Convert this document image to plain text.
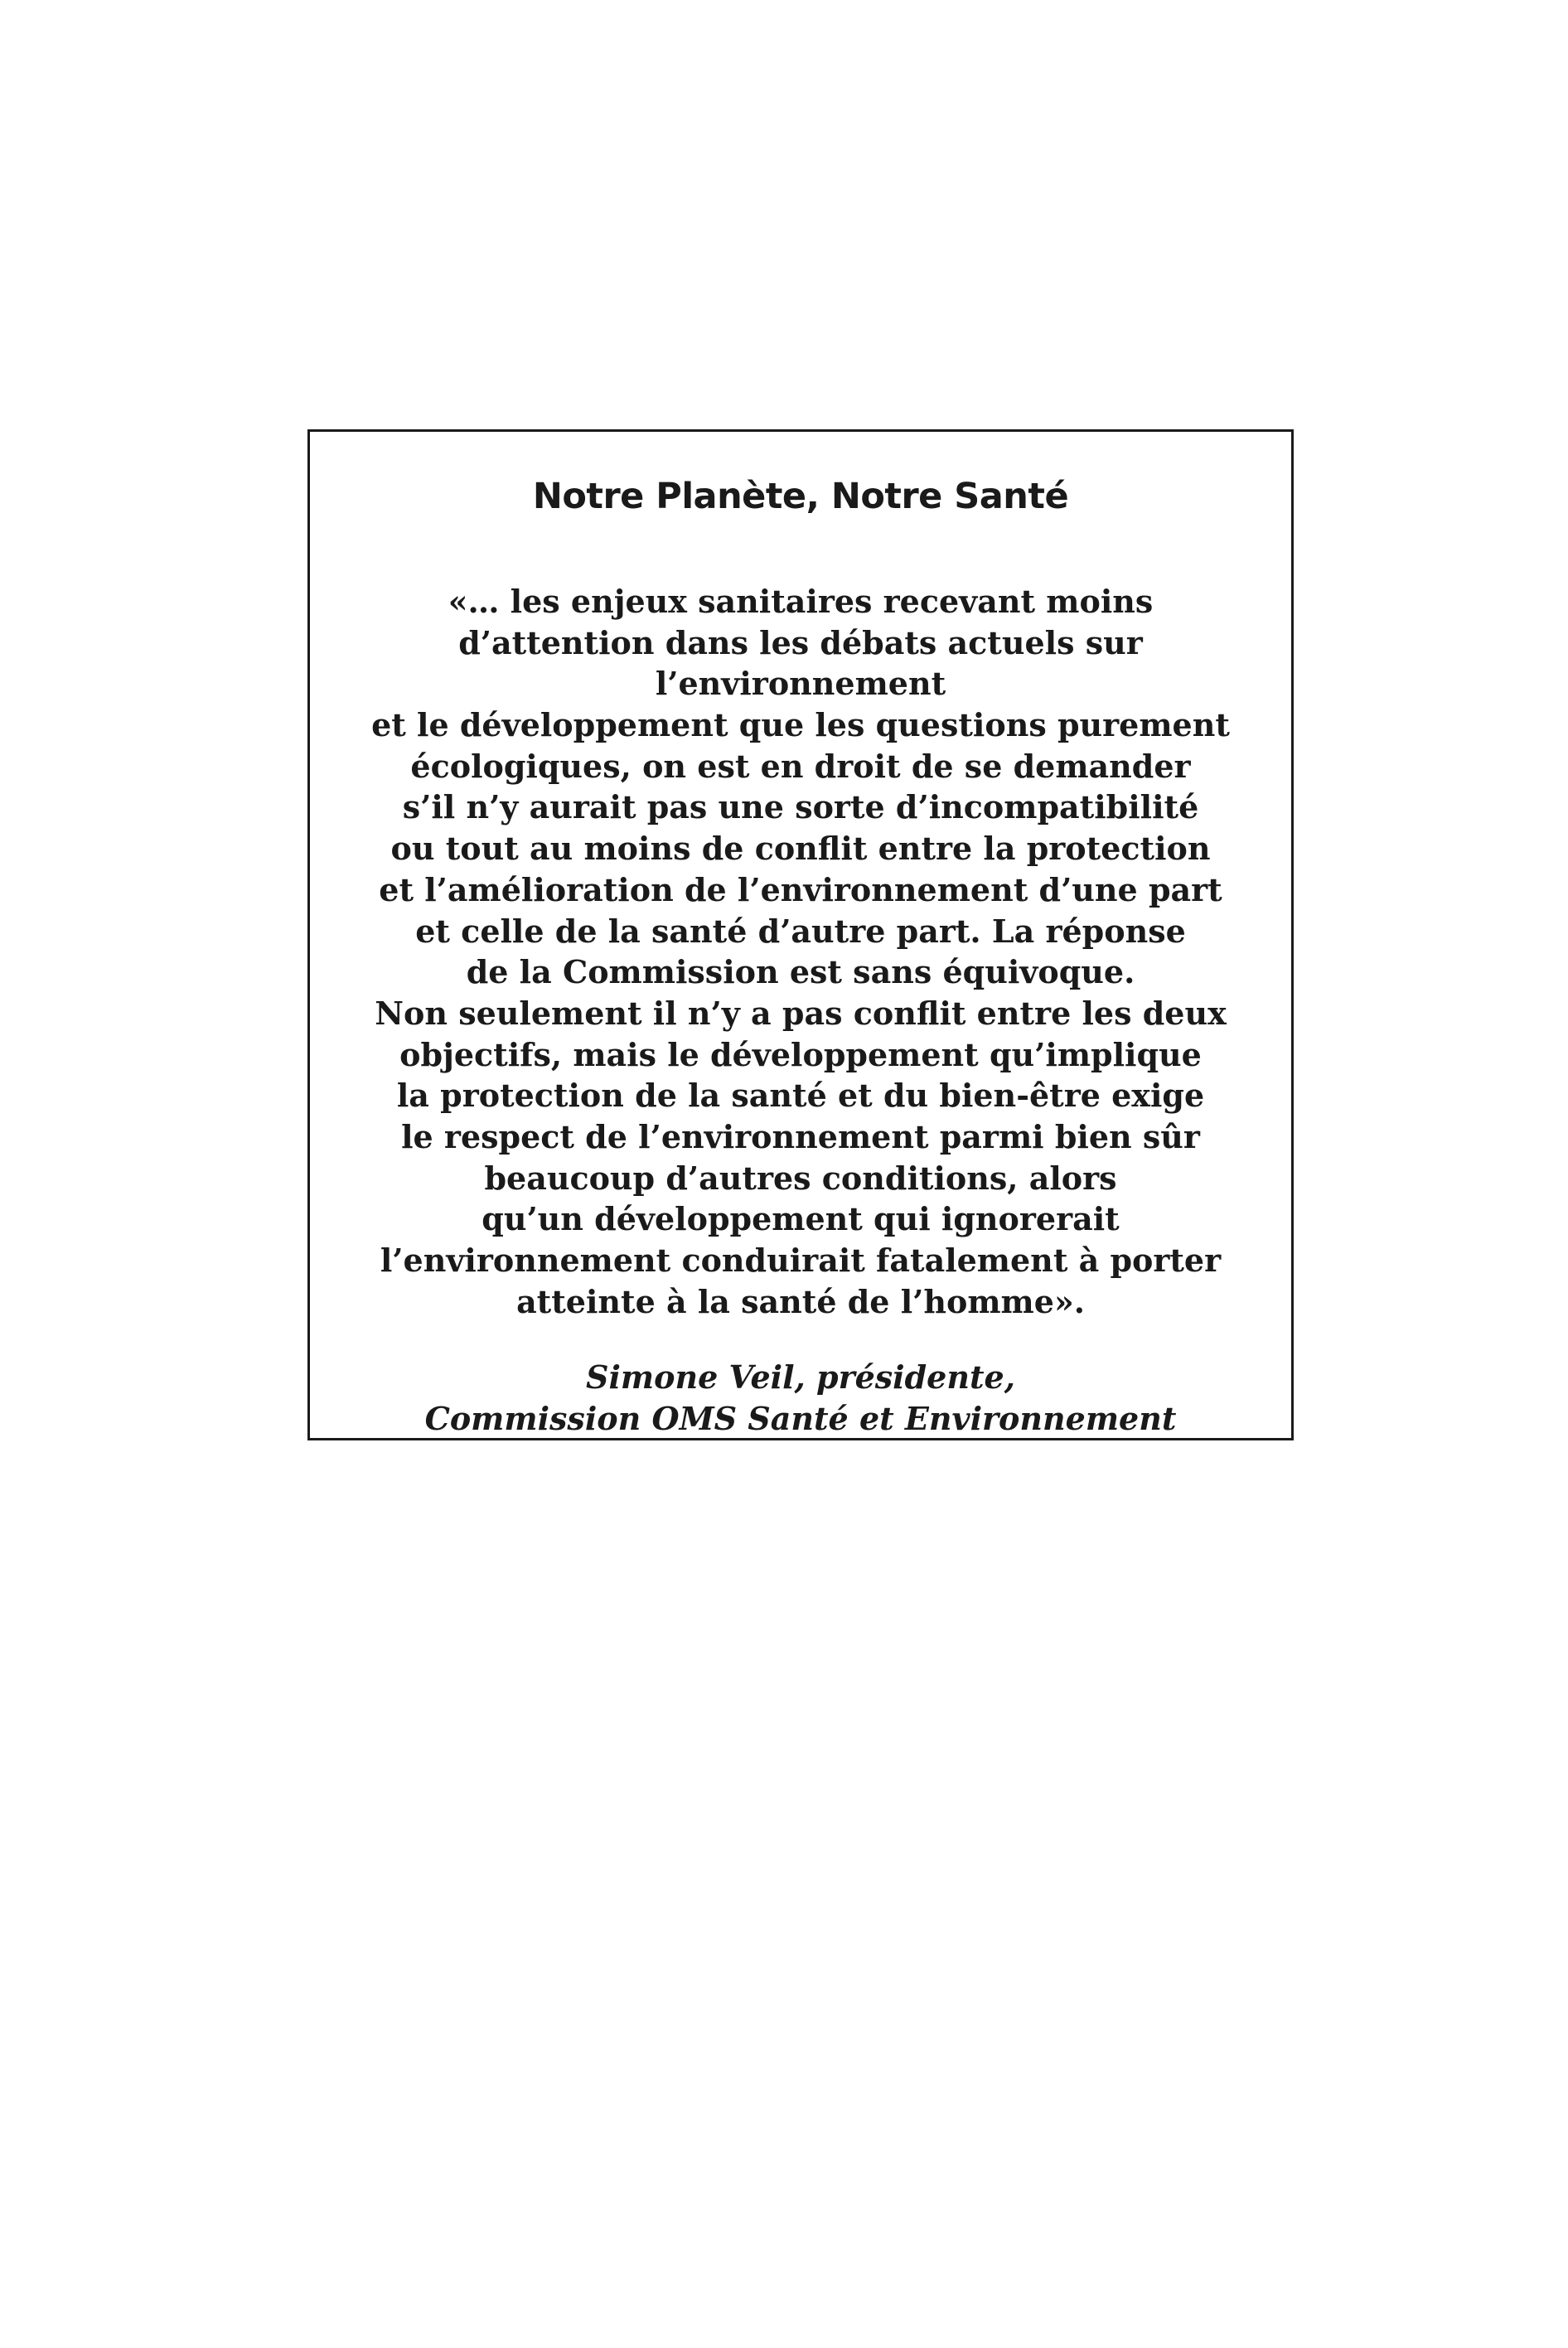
Notre Planète, Notre Santé
«… les enjeux sanitaires recevant moins
d’attention dans les débats actuels sur
l’environnement
et le développement que les questions purement
écologiques, on est en droit de se demander
s’il n’y aurait pas une sorte d’incompatibilité
ou tout au moins de conflit entre la protection
et l’amélioration de l’environnement d’une part
et celle de la santé d’autre part. La réponse
de la Commission est sans équivoque.
Non seulement il n’y a pas conflit entre les deux
objectifs, mais le développement qu’implique
la protection de la santé et du bien-être exige
le respect de l’environnement parmi bien sûr
beaucoup d’autres conditions, alors
qu’un développement qui ignorerait
l’environnement conduirait fatalement à porter
atteinte à la santé de l’homme».
Simone Veil, présidente,
Commission OMS Santé et Environnement
